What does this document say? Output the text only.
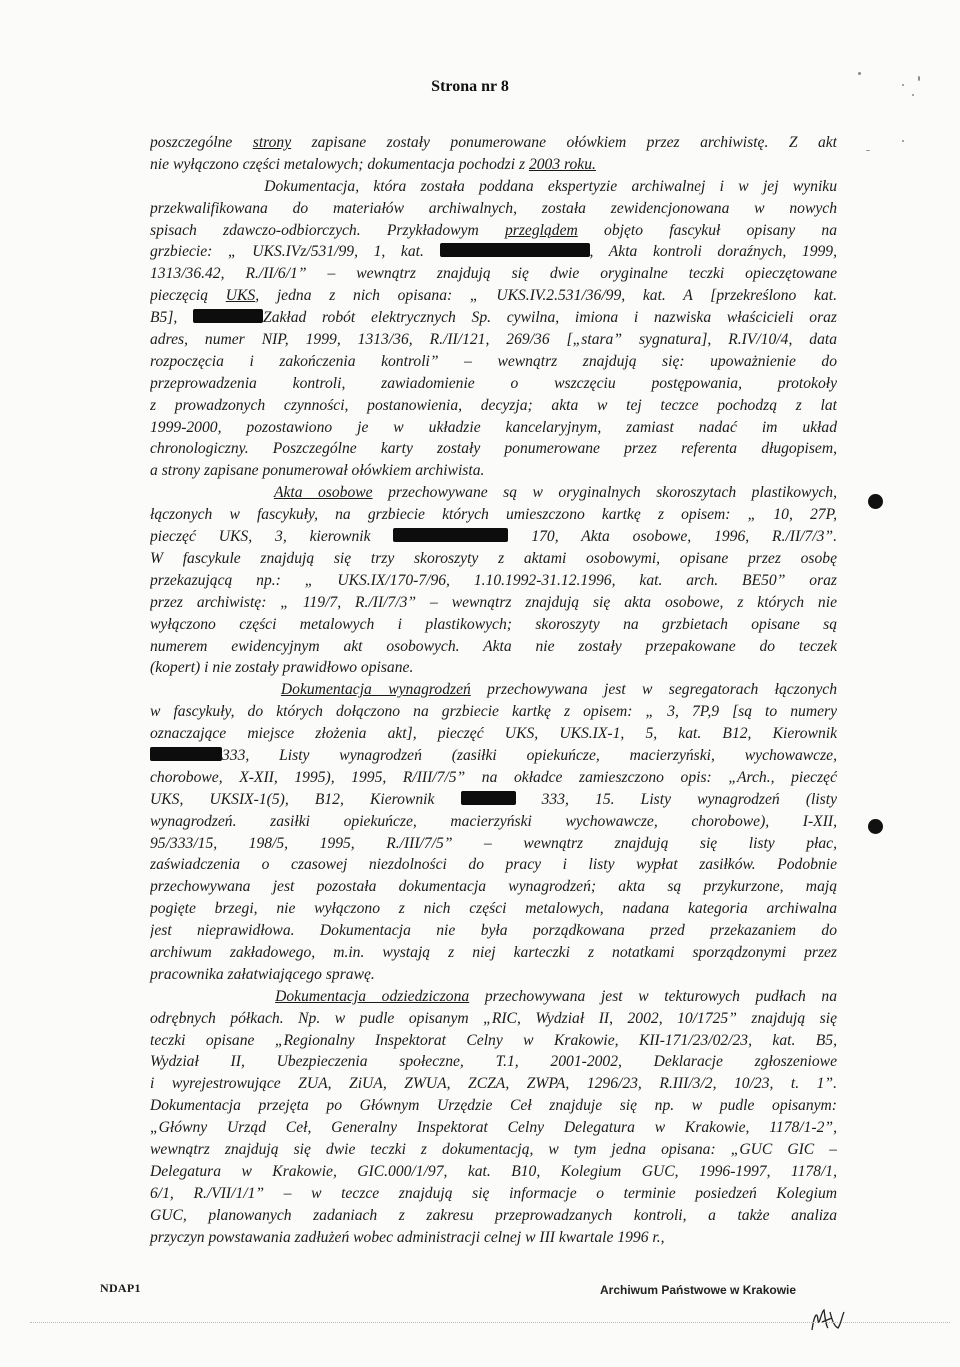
Strona nr 8
poszczególne strony zapisane zostały ponumerowane ołówkiem przez archiwistę. Z akt
nie wyłączono części metalowych; dokumentacja pochodzi z 2003 roku.
Dokumentacja, która została poddana ekspertyzie archiwalnej i w jej wyniku
przekwalifikowana do materiałów archiwalnych, została zewidencjonowana w nowych
spisach zdawczo-odbiorczych. Przykładowym przeglądem objęto fascykuł opisany na
grzbiecie: „ UKS.IVz/531/99, 1, kat.	, Akta kontroli doraźnych, 1999,
1313/36.42, R./II/6/1” – wewnątrz znajdują się dwie oryginalne teczki opieczętowane
pieczęcią UKS, jedna z nich opisana: „ UKS.IV.2.531/36/99, kat. A [przekreślono kat.
B5],	Zakład robót elektrycznych Sp. cywilna, imiona i nazwiska właścicieli oraz
adres, numer NIP, 1999, 1313/36, R./II/121, 269/36 [„stara” sygnatura], R.IV/10/4, data
rozpoczęcia i zakończenia kontroli” – wewnątrz znajdują się: upoważnienie do
przeprowadzenia kontroli, zawiadomienie o wszczęciu postępowania, protokoły
z prowadzonych czynności, postanowienia, decyzja; akta w tej teczce pochodzą z lat
1999-2000, pozostawiono je w układzie kancelaryjnym, zamiast nadać im układ
chronologiczny. Poszczególne karty zostały ponumerowane przez referenta długopisem,
a strony zapisane ponumerował ołówkiem archiwista.
Akta osobowe przechowywane są w oryginalnych skoroszytach plastikowych,
łączonych w fascykuły, na grzbiecie których umieszczono kartkę z opisem: „ 10, 27P,
pieczęć UKS, 3, kierownik	170, Akta osobowe, 1996, R./II/7/3”.
W fascykule znajdują się trzy skoroszyty z aktami osobowymi, opisane przez osobę
przekazującą np.: „ UKS.IX/170-7/96, 1.10.1992-31.12.1996, kat. arch. BE50” oraz
przez archiwistę: „ 119/7, R./II/7/3” – wewnątrz znajdują się akta osobowe, z których nie
wyłączono części metalowych i plastikowych; skoroszyty na grzbietach opisane są
numerem ewidencyjnym akt osobowych. Akta nie zostały przepakowane do teczek
(kopert) i nie zostały prawidłowo opisane.
Dokumentacja wynagrodzeń przechowywana jest w segregatorach łączonych
w fascykuły, do których dołączono na grzbiecie kartkę z opisem: „ 3, 7P,9 [są to numery
oznaczające miejsce złożenia akt], pieczęć UKS, UKS.IX-1, 5, kat. B12, Kierownik
333, Listy wynagrodzeń (zasiłki opiekuńcze, macierzyński, wychowawcze,
chorobowe, X-XII, 1995), 1995, R/III/7/5” na okładce zamieszczono opis: „Arch., pieczęć
UKS, UKSIX-1(5), B12, Kierownik	333, 15. Listy wynagrodzeń (listy
wynagrodzeń. zasiłki opiekuńcze, macierzyński wychowawcze, chorobowe), I-XII,
95/333/15, 198/5, 1995, R./III/7/5” – wewnątrz znajdują się listy płac,
zaświadczenia o czasowej niezdolności do pracy i listy wypłat zasiłków. Podobnie
przechowywana jest pozostała dokumentacja wynagrodzeń; akta są przykurzone, mają
pogięte brzegi, nie wyłączono z nich części metalowych, nadana kategoria archiwalna
jest nieprawidłowa. Dokumentacja nie była porządkowana przed przekazaniem do
archiwum zakładowego, m.in. wystają z niej karteczki z notatkami sporządzonymi przez
pracownika załatwiającego sprawę.
Dokumentacja odziedziczona przechowywana jest w tekturowych pudłach na
odrębnych półkach. Np. w pudle opisanym „RIC, Wydział II, 2002, 10/1725” znajdują się
teczki opisane „Regionalny Inspektorat Celny w Krakowie, KII-171/23/02/23, kat. B5,
Wydział II, Ubezpieczenia społeczne, T.1, 2001-2002, Deklaracje zgłoszeniowe
i wyrejestrowujące ZUA, ZiUA, ZWUA, ZCZA, ZWPA, 1296/23, R.III/3/2, 10/23, t. 1”.
Dokumentacja przejęta po Głównym Urzędzie Ceł znajduje się np. w pudle opisanym:
„Główny Urząd Ceł, Generalny Inspektorat Celny Delegatura w Krakowie, 1178/1-2”,
wewnątrz znajdują się dwie teczki z dokumentacją, w tym jedna opisana: „GUC GIC –
Delegatura w Krakowie, GIC.000/1/97, kat. B10, Kolegium GUC, 1996-1997, 1178/1,
6/1, R./VII/1/1” – w teczce znajdują się informacje o terminie posiedzeń Kolegium
GUC, planowanych zadaniach z zakresu przeprowadzanych kontroli, a także analiza
przyczyn powstawania zadłużeń wobec administracji celnej w III kwartale 1996 r.,
NDAP1	Archiwum Państwowe w Krakowie
